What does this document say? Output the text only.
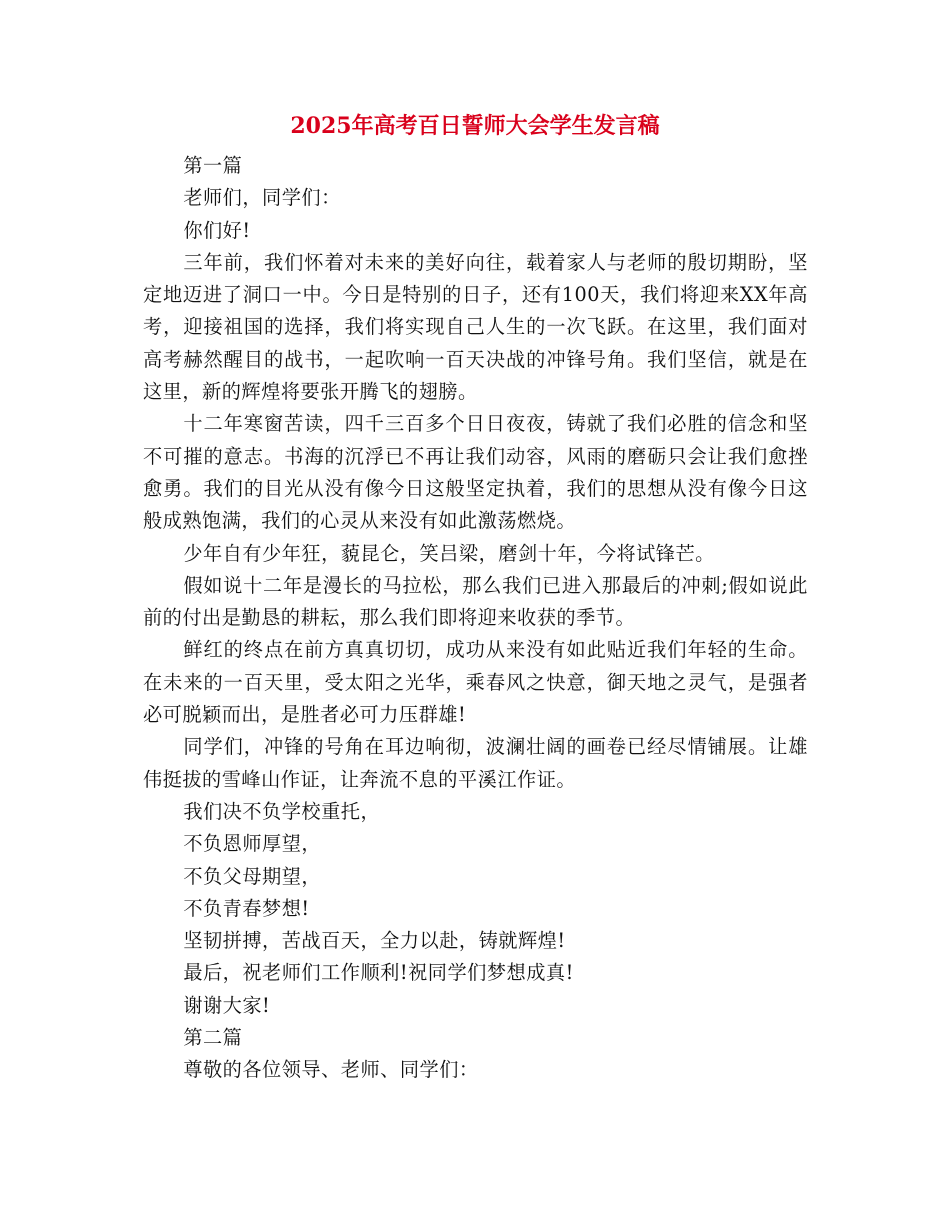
2025年高考百日誓师大会学生发言稿

第一篇

老师们，同学们：

你们好!

三年前，我们怀着对未来的美好向往，载着家人与老师的殷切期盼，坚定地迈进了洞口一中。今日是特别的日子，还有100天，我们将迎来XX年高考，迎接祖国的选择，我们将实现自己人生的一次飞跃。在这里，我们面对高考赫然醒目的战书，一起吹响一百天决战的冲锋号角。我们坚信，就是在这里，新的辉煌将要张开腾飞的翅膀。

十二年寒窗苦读，四千三百多个日日夜夜，铸就了我们必胜的信念和坚不可摧的意志。书海的沉浮已不再让我们动容，风雨的磨砺只会让我们愈挫愈勇。我们的目光从没有像今日这般坚定执着，我们的思想从没有像今日这般成熟饱满，我们的心灵从来没有如此激荡燃烧。

少年自有少年狂，藐昆仑，笑吕梁，磨剑十年，今将试锋芒。

假如说十二年是漫长的马拉松，那么我们已进入那最后的冲刺;假如说此前的付出是勤恳的耕耘，那么我们即将迎来收获的季节。

鲜红的终点在前方真真切切，成功从来没有如此贴近我们年轻的生命。在未来的一百天里，受太阳之光华，乘春风之快意，御天地之灵气，是强者必可脱颖而出，是胜者必可力压群雄!

同学们，冲锋的号角在耳边响彻，波澜壮阔的画卷已经尽情铺展。让雄伟挺拔的雪峰山作证，让奔流不息的平溪江作证。

我们决不负学校重托，

不负恩师厚望，

不负父母期望，

不负青春梦想!

坚韧拼搏，苦战百天，全力以赴，铸就辉煌!

最后，祝老师们工作顺利!祝同学们梦想成真!

谢谢大家!

第二篇

尊敬的各位领导、老师、同学们：
